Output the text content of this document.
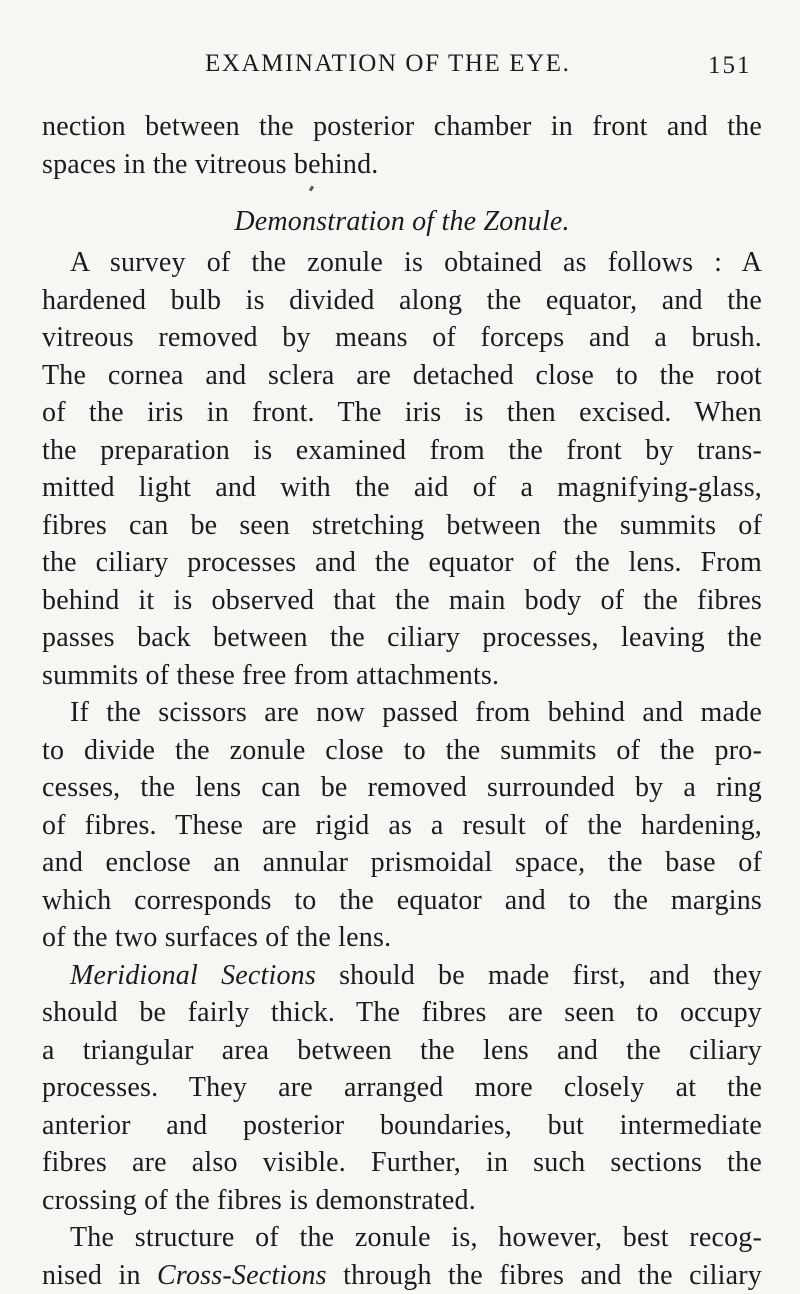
EXAMINATION OF THE EYE.	151
nection between the posterior chamber in front and the
spaces in the vitreous behind.
Demonstration of the Zonule.
A survey of the zonule is obtained as follows : A
hardened bulb is divided along the equator, and the
vitreous removed by means of forceps and a brush.
The cornea and sclera are detached close to the root
of the iris in front. The iris is then excised. When
the preparation is examined from the front by trans-
mitted light and with the aid of a magnifying-glass,
fibres can be seen stretching between the summits of
the ciliary processes and the equator of the lens. From
behind it is observed that the main body of the fibres
passes back between the ciliary processes, leaving the
summits of these free from attachments.
If the scissors are now passed from behind and made
to divide the zonule close to the summits of the pro-
cesses, the lens can be removed surrounded by a ring
of fibres. These are rigid as a result of the hardening,
and enclose an annular prismoidal space, the base of
which corresponds to the equator and to the margins
of the two surfaces of the lens.
Meridional Sections should be made first, and they
should be fairly thick. The fibres are seen to occupy
a triangular area between the lens and the ciliary
processes. They are arranged more closely at the
anterior and posterior boundaries, but intermediate
fibres are also visible. Further, in such sections the
crossing of the fibres is demonstrated.
The structure of the zonule is, however, best recog-
nised in Cross-Sections through the fibres and the ciliary
